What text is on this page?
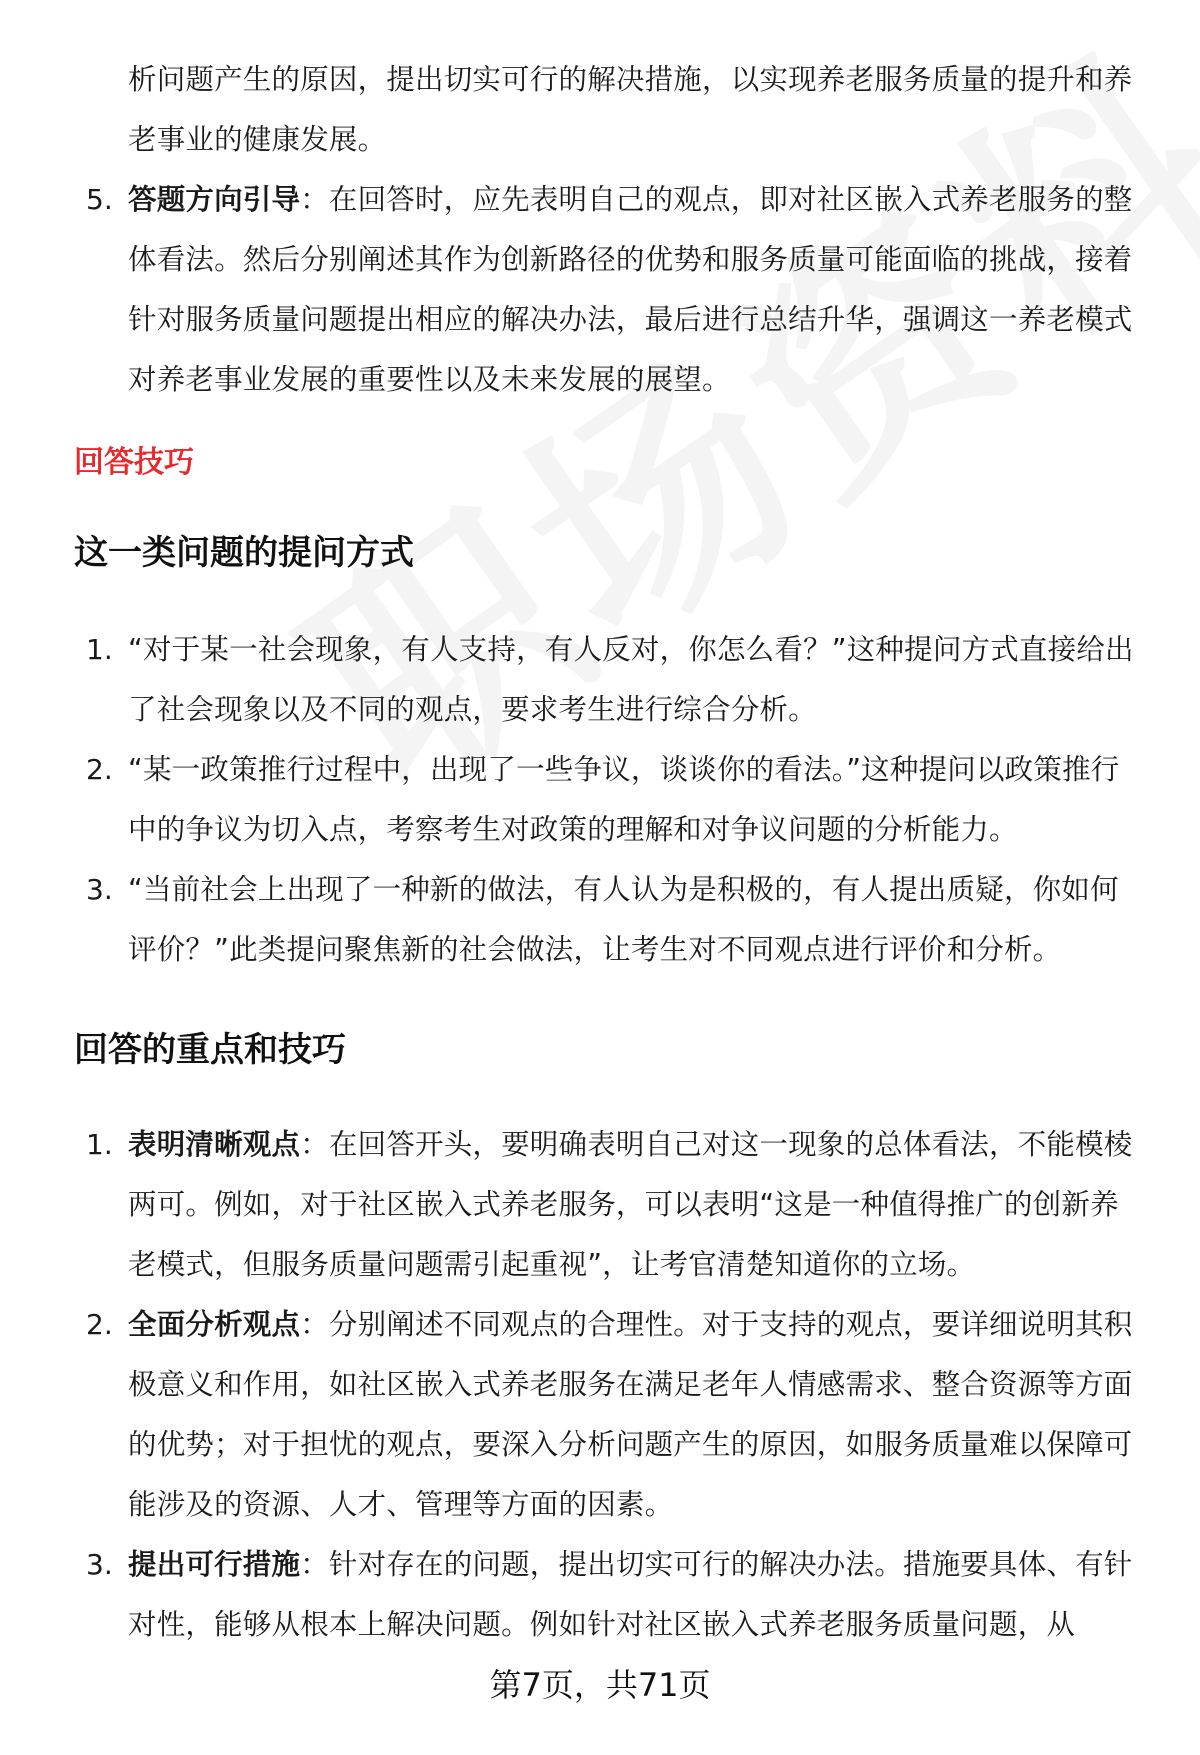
析问题产生的原因，提出切实可行的解决措施，以实现养老服务质量的提升和养老事业的健康发展。
5. 答题方向引导：在回答时，应先表明自己的观点，即对社区嵌入式养老服务的整体看法。然后分别阐述其作为创新路径的优势和服务质量可能面临的挑战，接着针对服务质量问题提出相应的解决办法，最后进行总结升华，强调这一养老模式对养老事业发展的重要性以及未来发展的展望。
回答技巧
这一类问题的提问方式
1. “对于某一社会现象，有人支持，有人反对，你怎么看？”这种提问方式直接给出了社会现象以及不同的观点，要求考生进行综合分析。
2. “某一政策推行过程中，出现了一些争议，谈谈你的看法。”这种提问以政策推行中的争议为切入点，考察考生对政策的理解和对争议问题的分析能力。
3. “当前社会上出现了一种新的做法，有人认为是积极的，有人提出质疑，你如何评价？”此类提问聚焦新的社会做法，让考生对不同观点进行评价和分析。
回答的重点和技巧
1. 表明清晰观点：在回答开头，要明确表明自己对这一现象的总体看法，不能模棱两可。例如，对于社区嵌入式养老服务，可以表明“这是一种值得推广的创新养老模式，但服务质量问题需引起重视”，让考官清楚知道你的立场。
2. 全面分析观点：分别阐述不同观点的合理性。对于支持的观点，要详细说明其积极意义和作用，如社区嵌入式养老服务在满足老年人情感需求、整合资源等方面的优势；对于担忧的观点，要深入分析问题产生的原因，如服务质量难以保障可能涉及的资源、人才、管理等方面的因素。
3. 提出可行措施：针对存在的问题，提出切实可行的解决办法。措施要具体、有针对性，能够从根本上解决问题。例如针对社区嵌入式养老服务质量问题，从
第7页，共71页
